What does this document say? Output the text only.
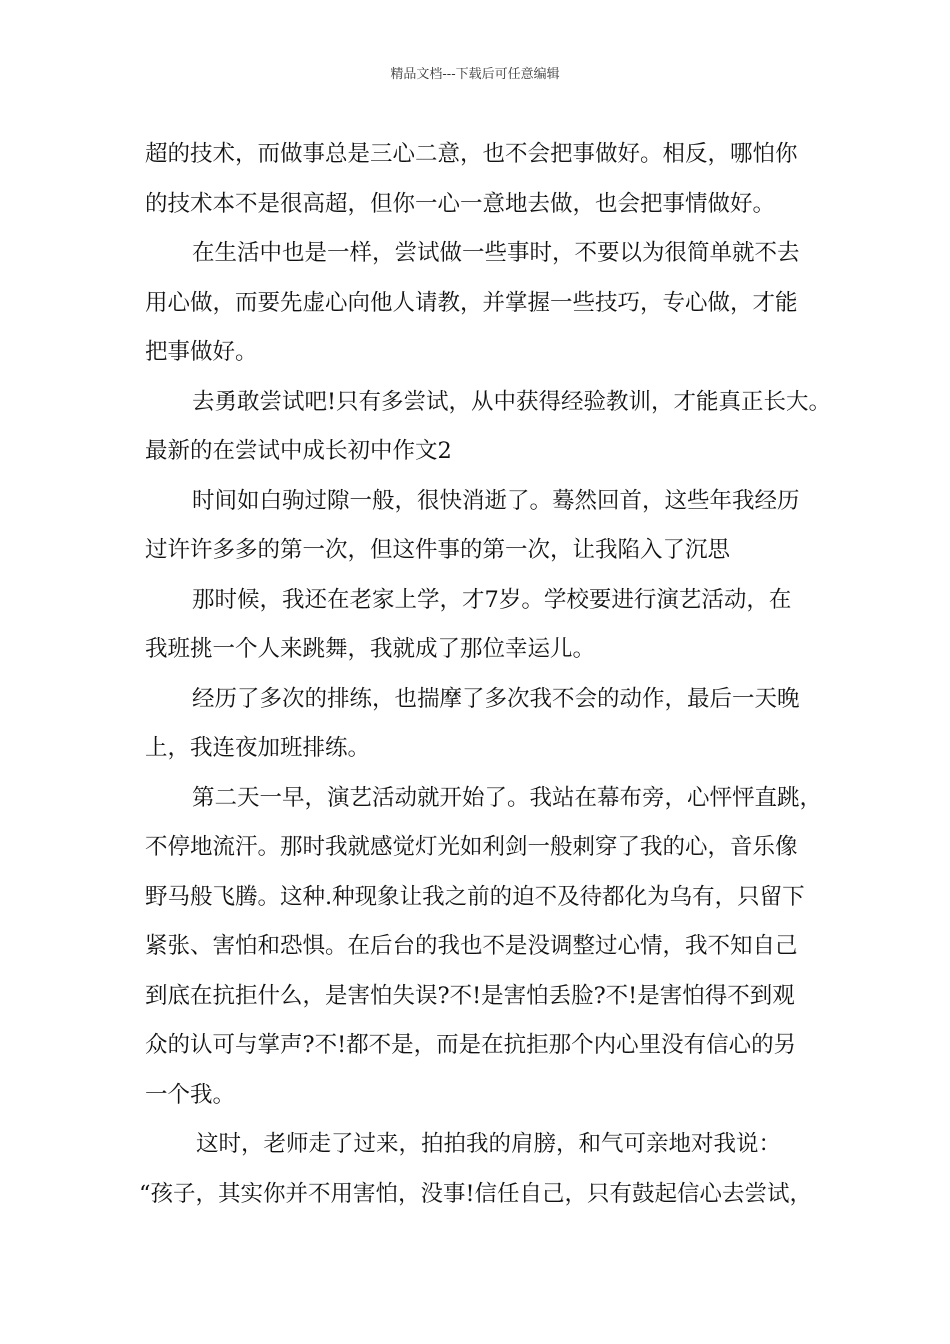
精品文档---下载后可任意编辑
超的技术，而做事总是三心二意，也不会把事做好。相反，哪怕你
的技术本不是很高超，但你一心一意地去做，也会把事情做好。
在生活中也是一样，尝试做一些事时，不要以为很简单就不去
用心做，而要先虚心向他人请教，并掌握一些技巧，专心做，才能
把事做好。
去勇敢尝试吧!只有多尝试，从中获得经验教训，才能真正长大。
最新的在尝试中成长初中作文2
时间如白驹过隙一般，很快消逝了。蓦然回首，这些年我经历
过许许多多的第一次，但这件事的第一次，让我陷入了沉思
那时候，我还在老家上学，才7岁。学校要进行演艺活动，在
我班挑一个人来跳舞，我就成了那位幸运儿。
经历了多次的排练，也揣摩了多次我不会的动作，最后一天晚
上，我连夜加班排练。
第二天一早，演艺活动就开始了。我站在幕布旁，心怦怦直跳，
不停地流汗。那时我就感觉灯光如利剑一般刺穿了我的心，音乐像
野马般飞腾。这种.种现象让我之前的迫不及待都化为乌有，只留下
紧张、害怕和恐惧。在后台的我也不是没调整过心情，我不知自己
到底在抗拒什么，是害怕失误?不!是害怕丢脸?不!是害怕得不到观
众的认可与掌声?不!都不是，而是在抗拒那个内心里没有信心的另
一个我。
这时，老师走了过来，拍拍我的肩膀，和气可亲地对我说：
“孩子，其实你并不用害怕，没事!信任自己，只有鼓起信心去尝试，
